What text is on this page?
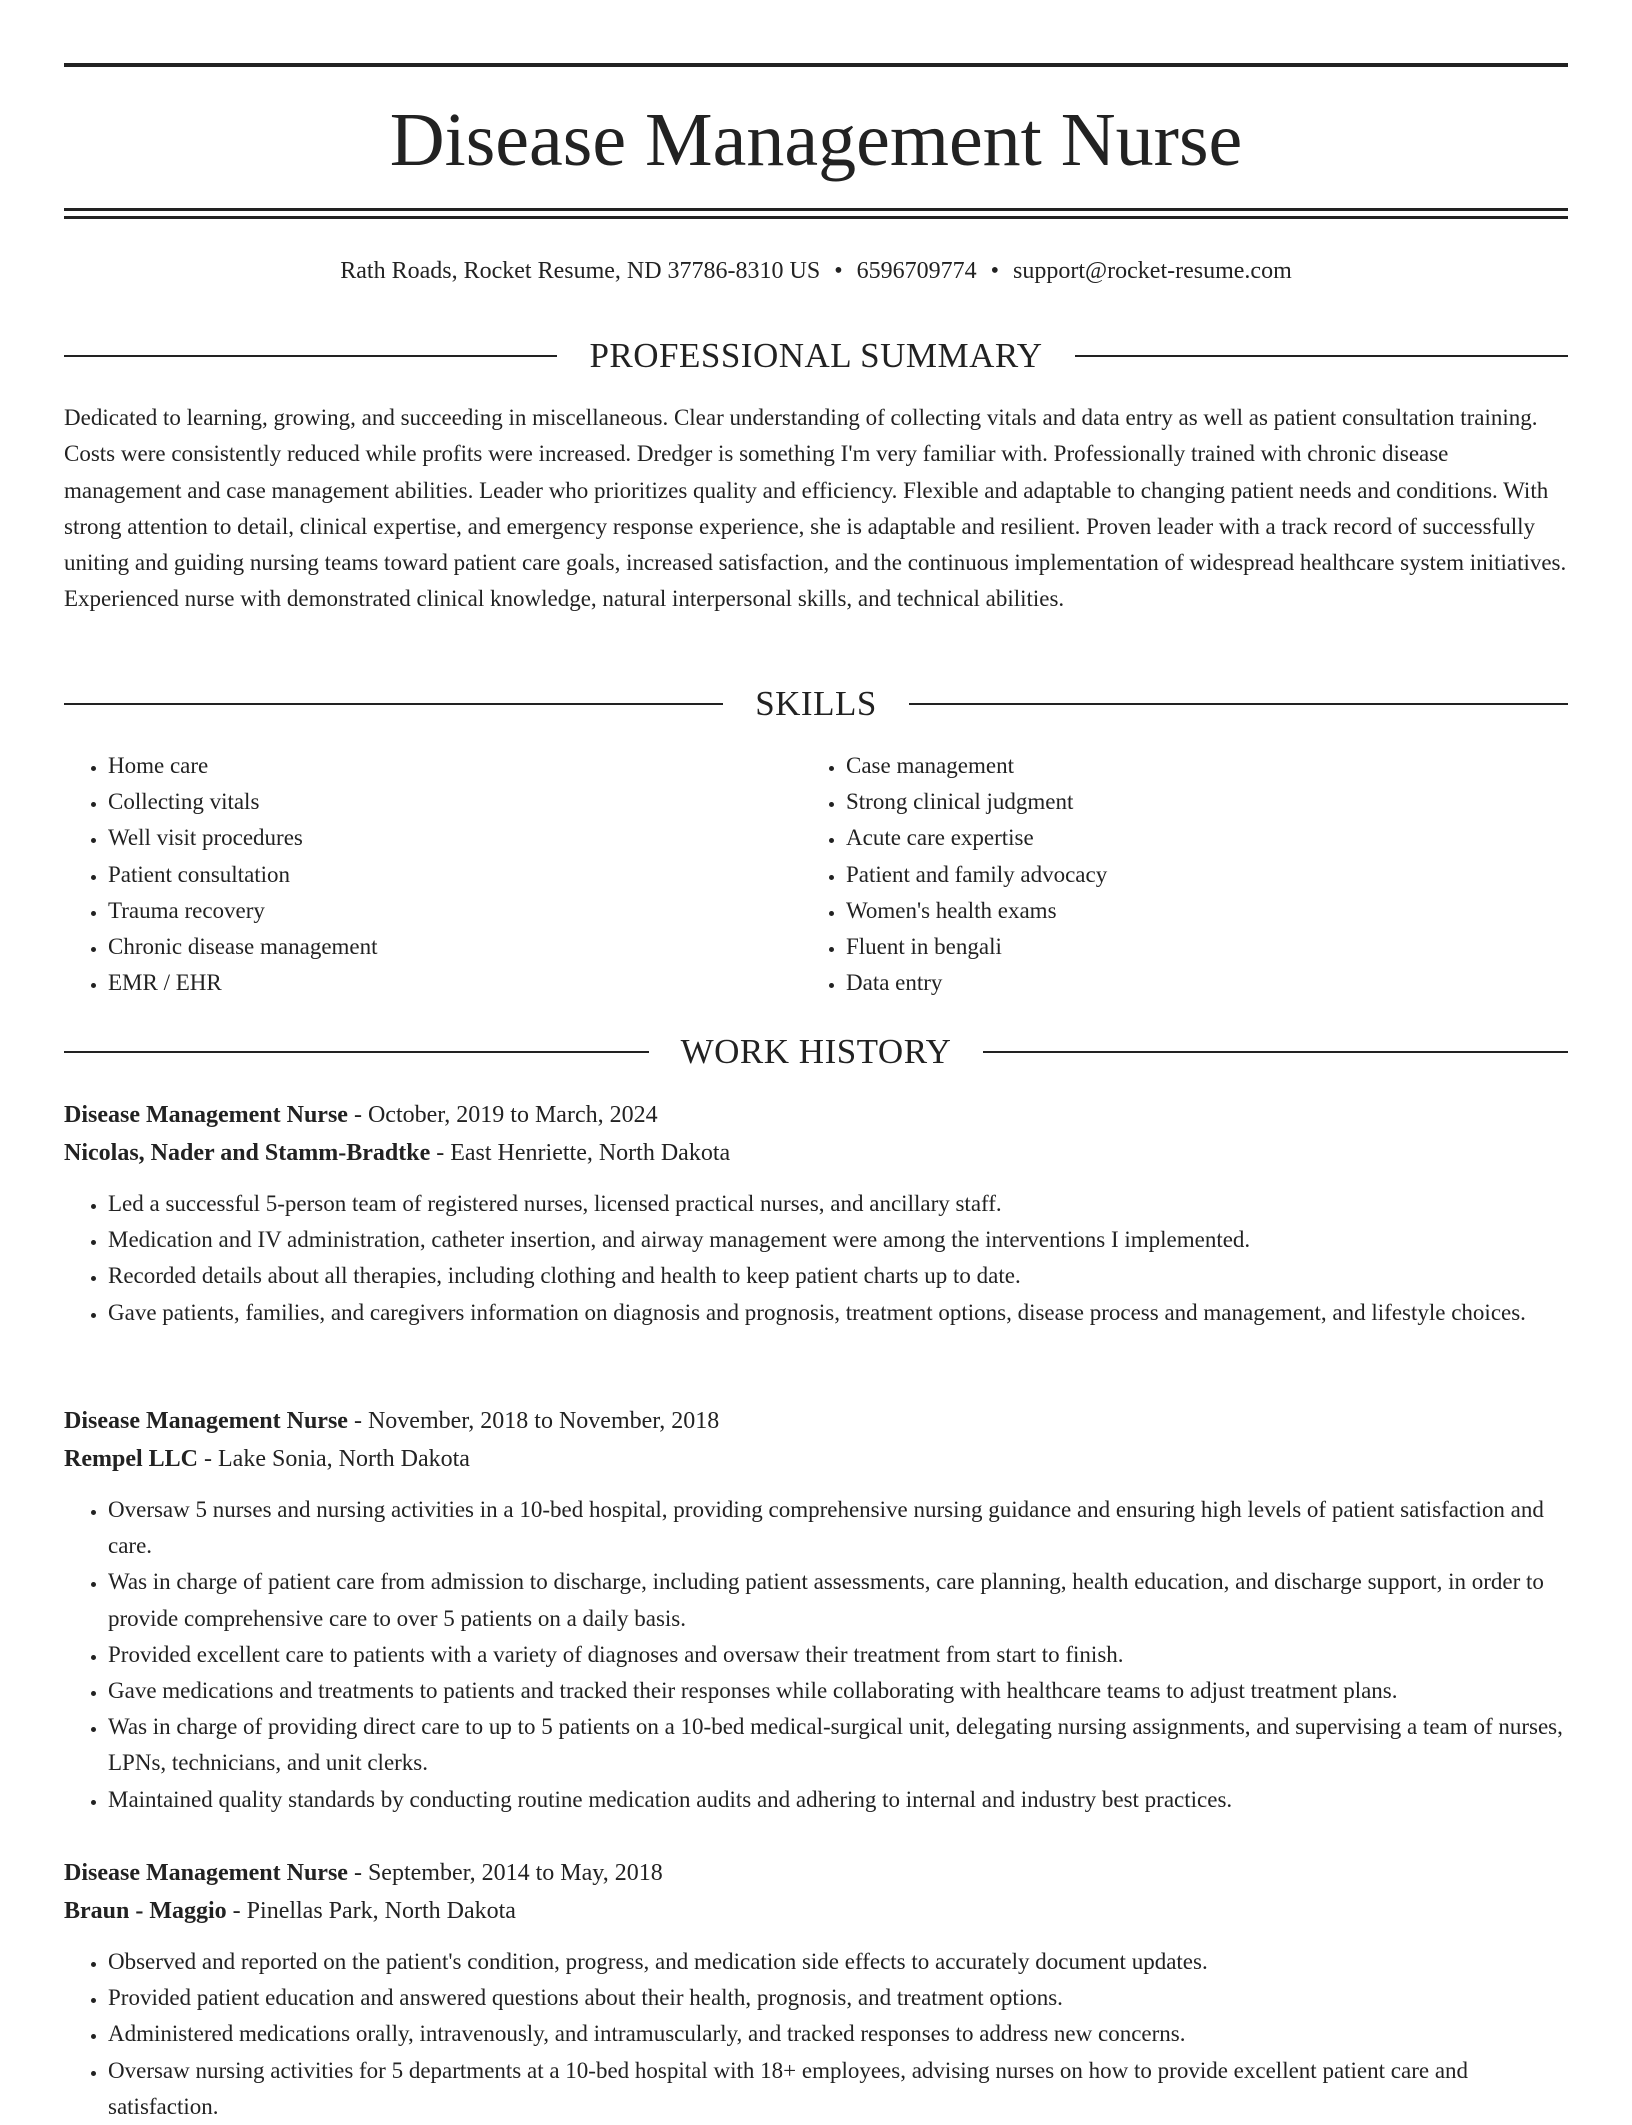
Disease Management Nurse
Rath Roads, Rocket Resume, ND 37786-8310 US • 6596709774 • support@rocket-resume.com
PROFESSIONAL SUMMARY

Dedicated to learning, growing, and succeeding in miscellaneous. Clear understanding of collecting vitals and data entry as well as patient consultation training. Costs were consistently reduced while profits were increased. Dredger is something I'm very familiar with. Professionally trained with chronic disease management and case management abilities. Leader who prioritizes quality and efficiency. Flexible and adaptable to changing patient needs and conditions. With strong attention to detail, clinical expertise, and emergency response experience, she is adaptable and resilient. Proven leader with a track record of successfully uniting and guiding nursing teams toward patient care goals, increased satisfaction, and the continuous implementation of widespread healthcare system initiatives. Experienced nurse with demonstrated clinical knowledge, natural interpersonal skills, and technical abilities.

SKILLS
• Home care
• Collecting vitals
• Well visit procedures
• Patient consultation
• Trauma recovery
• Chronic disease management
• EMR / EHR
• Case management
• Strong clinical judgment
• Acute care expertise
• Patient and family advocacy
• Women's health exams
• Fluent in bengali
• Data entry
WORK HISTORY
Disease Management Nurse - October, 2019 to March, 2024
Nicolas, Nader and Stamm-Bradtke - East Henriette, North Dakota
• Led a successful 5-person team of registered nurses, licensed practical nurses, and ancillary staff.
• Medication and IV administration, catheter insertion, and airway management were among the interventions I implemented.
• Recorded details about all therapies, including clothing and health to keep patient charts up to date.
• Gave patients, families, and caregivers information on diagnosis and prognosis, treatment options, disease process and management, and lifestyle choices.
Disease Management Nurse - November, 2018 to November, 2018
Rempel LLC - Lake Sonia, North Dakota
• Oversaw 5 nurses and nursing activities in a 10-bed hospital, providing comprehensive nursing guidance and ensuring high levels of patient satisfaction and care.
• Was in charge of patient care from admission to discharge, including patient assessments, care planning, health education, and discharge support, in order to provide comprehensive care to over 5 patients on a daily basis.
• Provided excellent care to patients with a variety of diagnoses and oversaw their treatment from start to finish.
• Gave medications and treatments to patients and tracked their responses while collaborating with healthcare teams to adjust treatment plans.
• Was in charge of providing direct care to up to 5 patients on a 10-bed medical-surgical unit, delegating nursing assignments, and supervising a team of nurses, LPNs, technicians, and unit clerks.
• Maintained quality standards by conducting routine medication audits and adhering to internal and industry best practices.
Disease Management Nurse - September, 2014 to May, 2018
Braun - Maggio - Pinellas Park, North Dakota
• Observed and reported on the patient's condition, progress, and medication side effects to accurately document updates.
• Provided patient education and answered questions about their health, prognosis, and treatment options.
• Administered medications orally, intravenously, and intramuscularly, and tracked responses to address new concerns.
• Oversaw nursing activities for 5 departments at a 10-bed hospital with 18+ employees, advising nurses on how to provide excellent patient care and satisfaction.
